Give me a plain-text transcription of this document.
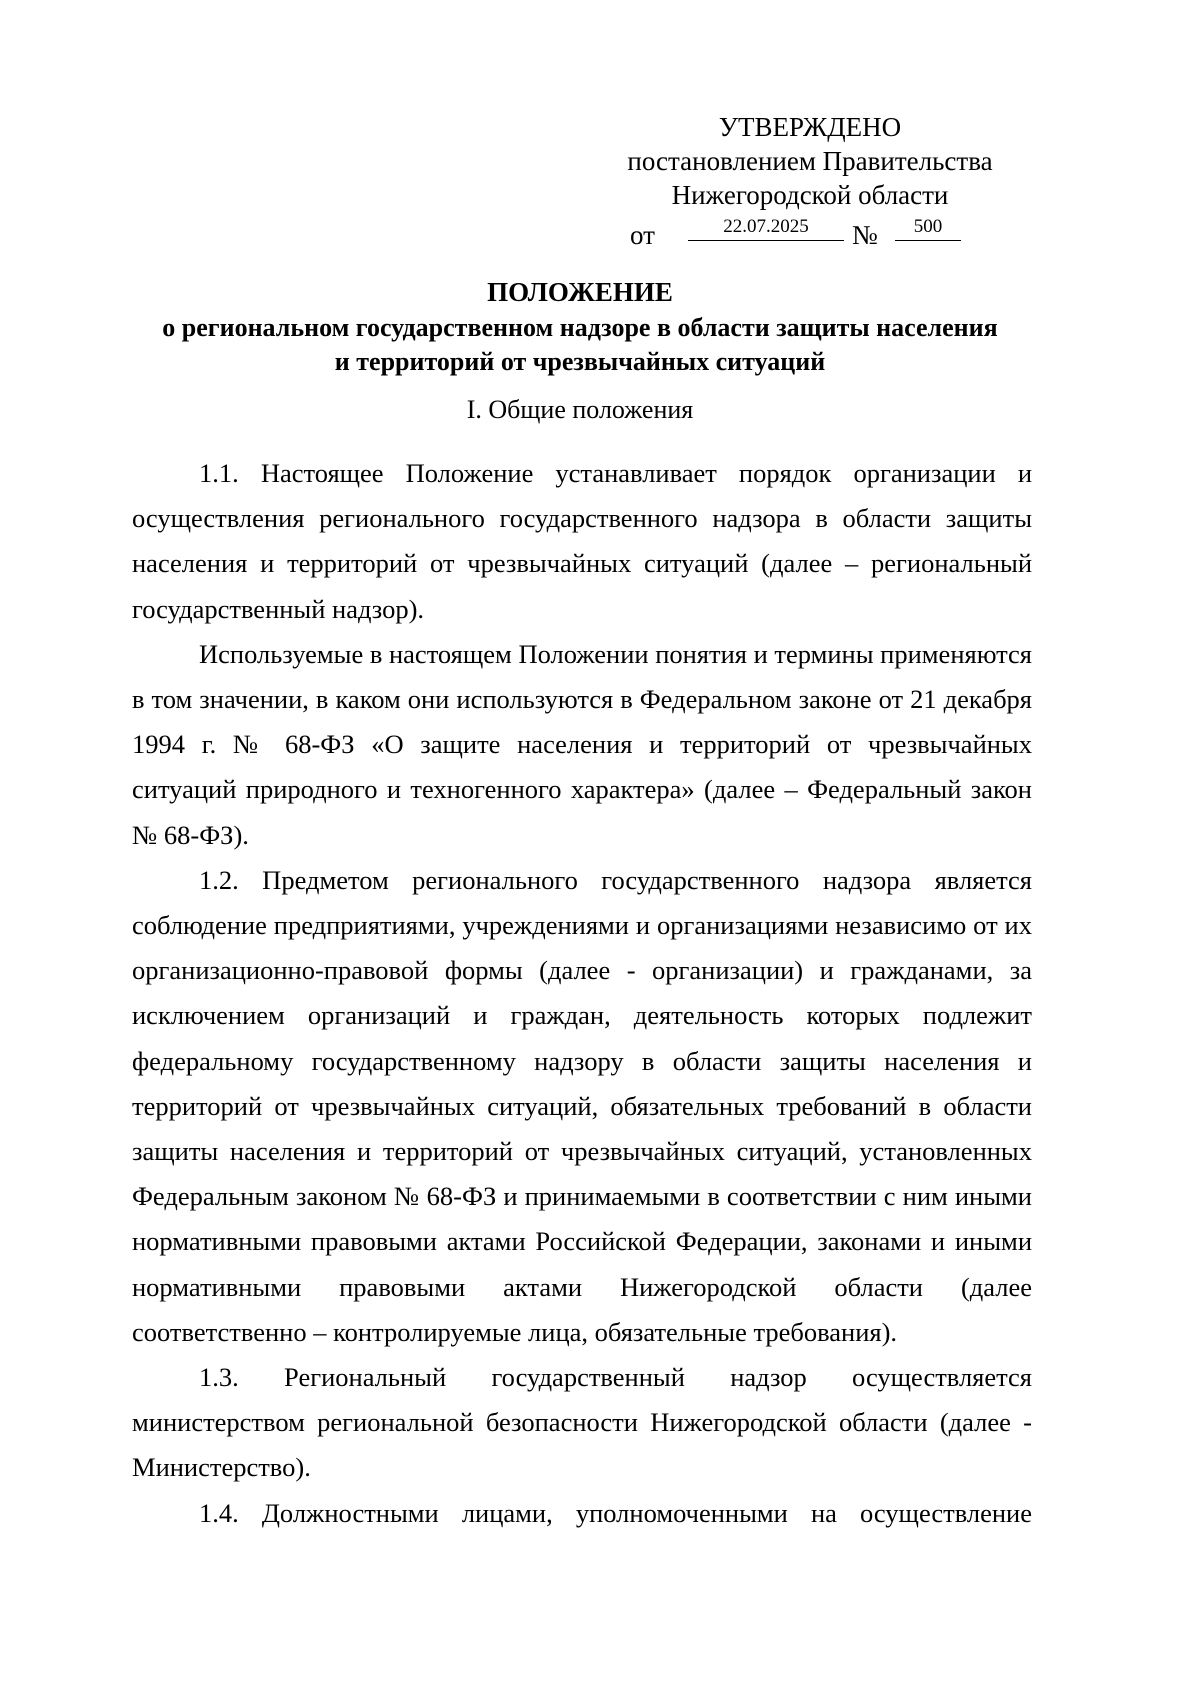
УТВЕРЖДЕНО
постановлением Правительства
Нижегородской области
от	22.07.2025	№	500
ПОЛОЖЕНИЕ
о региональном государственном надзоре в области защиты населения
и территорий от чрезвычайных ситуаций
I. Общие положения

1.1. Настоящее Положение устанавливает порядок организации и осуществления регионального государственного надзора в области защиты населения и территорий от чрезвычайных ситуаций (далее – региональный государственный надзор).

Используемые в настоящем Положении понятия и термины применяются в том значении, в каком они используются в Федеральном законе от 21 декабря 1994 г. № 68-ФЗ «О защите населения и территорий от чрезвычайных ситуаций природного и техногенного характера» (далее – Федеральный закон № 68-ФЗ).

1.2. Предметом регионального государственного надзора является соблюдение предприятиями, учреждениями и организациями независимо от их организационно-правовой формы (далее - организации) и гражданами, за исключением организаций и граждан, деятельность которых подлежит федеральному государственному надзору в области защиты населения и территорий от чрезвычайных ситуаций, обязательных требований в области защиты населения и территорий от чрезвычайных ситуаций, установленных Федеральным законом № 68-ФЗ и принимаемыми в соответствии с ним иными нормативными правовыми актами Российской Федерации, законами и иными нормативными правовыми актами Нижегородской области (далее соответственно – контролируемые лица, обязательные требования).

1.3. Региональный государственный надзор осуществляется министерством региональной безопасности Нижегородской области (далее - Министерство).

1.4. Должностными лицами, уполномоченными на осуществление
